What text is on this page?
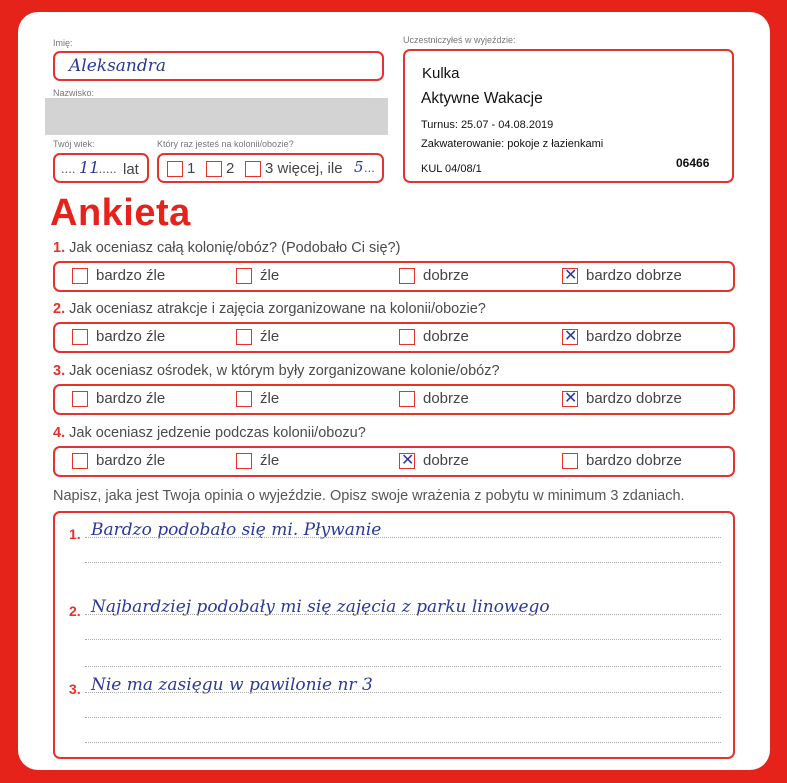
Imię:
Aleksandra
Nazwisko:
Twój wiek:
.... 11
...... lat
Który raz jesteś na kolonii/obozie?
1 2 3 więcej, ile 5 ...
Uczestniczyłeś w wyjeździe:
Kulka
Aktywne Wakacje
Turnus: 25.07 - 04.08.2019
Zakwaterowanie: pokoje z łazienkami
KUL 04/08/1	06466
Ankieta
1. Jak oceniasz całą kolonię/obóz? (Podobało Ci się?)
bardzo źle	źle	dobrze	✕ bardzo dobrze
2. Jak oceniasz atrakcje i zajęcia zorganizowane na kolonii/obozie?
bardzo źle	źle	dobrze	✕ bardzo dobrze
3. Jak oceniasz ośrodek, w którym były zorganizowane kolonie/obóz?
bardzo źle	źle	dobrze	✕ bardzo dobrze
4. Jak oceniasz jedzenie podczas kolonii/obozu?
bardzo źle	źle	✕ dobrze	bardzo dobrze
Napisz, jaka jest Twoja opinia o wyjeździe. Opisz swoje wrażenia z pobytu w minimum 3 zdaniach.
1. Bardzo podobało się mi. Pływanie
2. Najbardziej podobały mi się zajęcia z parku linowego
3. Nie ma zasięgu w pawilonie nr 3
